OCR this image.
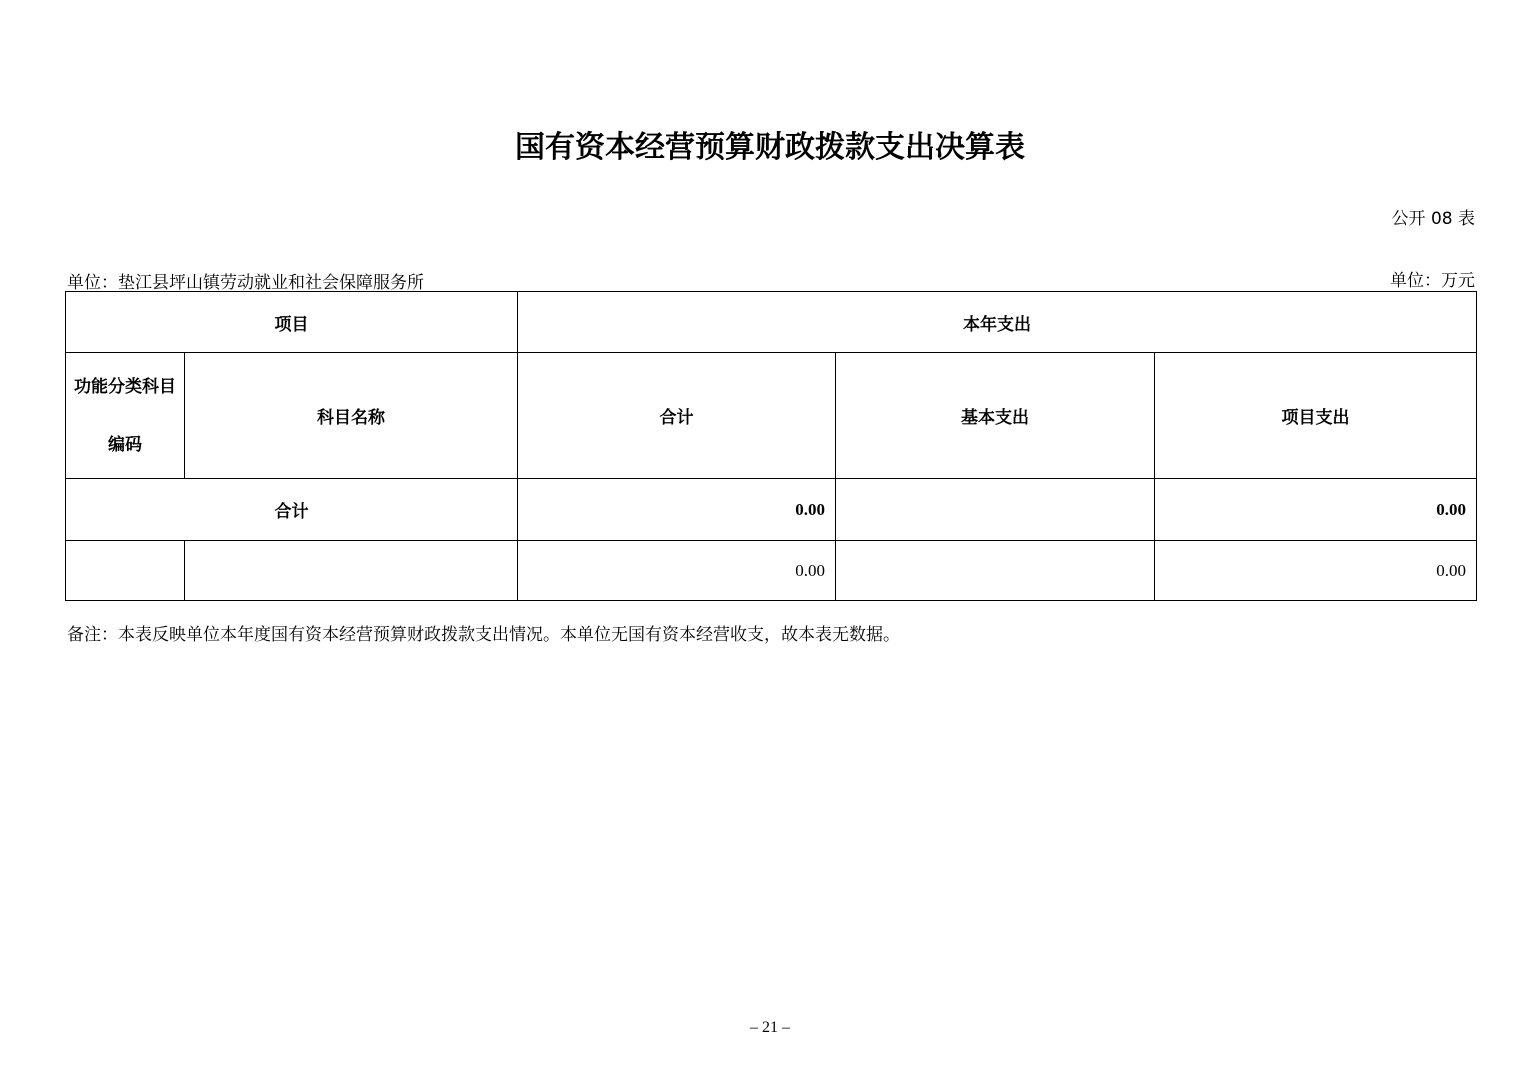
国有资本经营预算财政拨款支出决算表
公开 08 表
单位：垫江县坪山镇劳动就业和社会保障服务所	单位：万元
项目		本年支出		

功能分类科目
编码	科目名称	合计	基本支出	项目支出
合计		0.00		0.00
		0.00		0.00
备注：本表反映单位本年度国有资本经营预算财政拨款支出情况。本单位无国有资本经营收支，故本表无数据。
– 21 –
